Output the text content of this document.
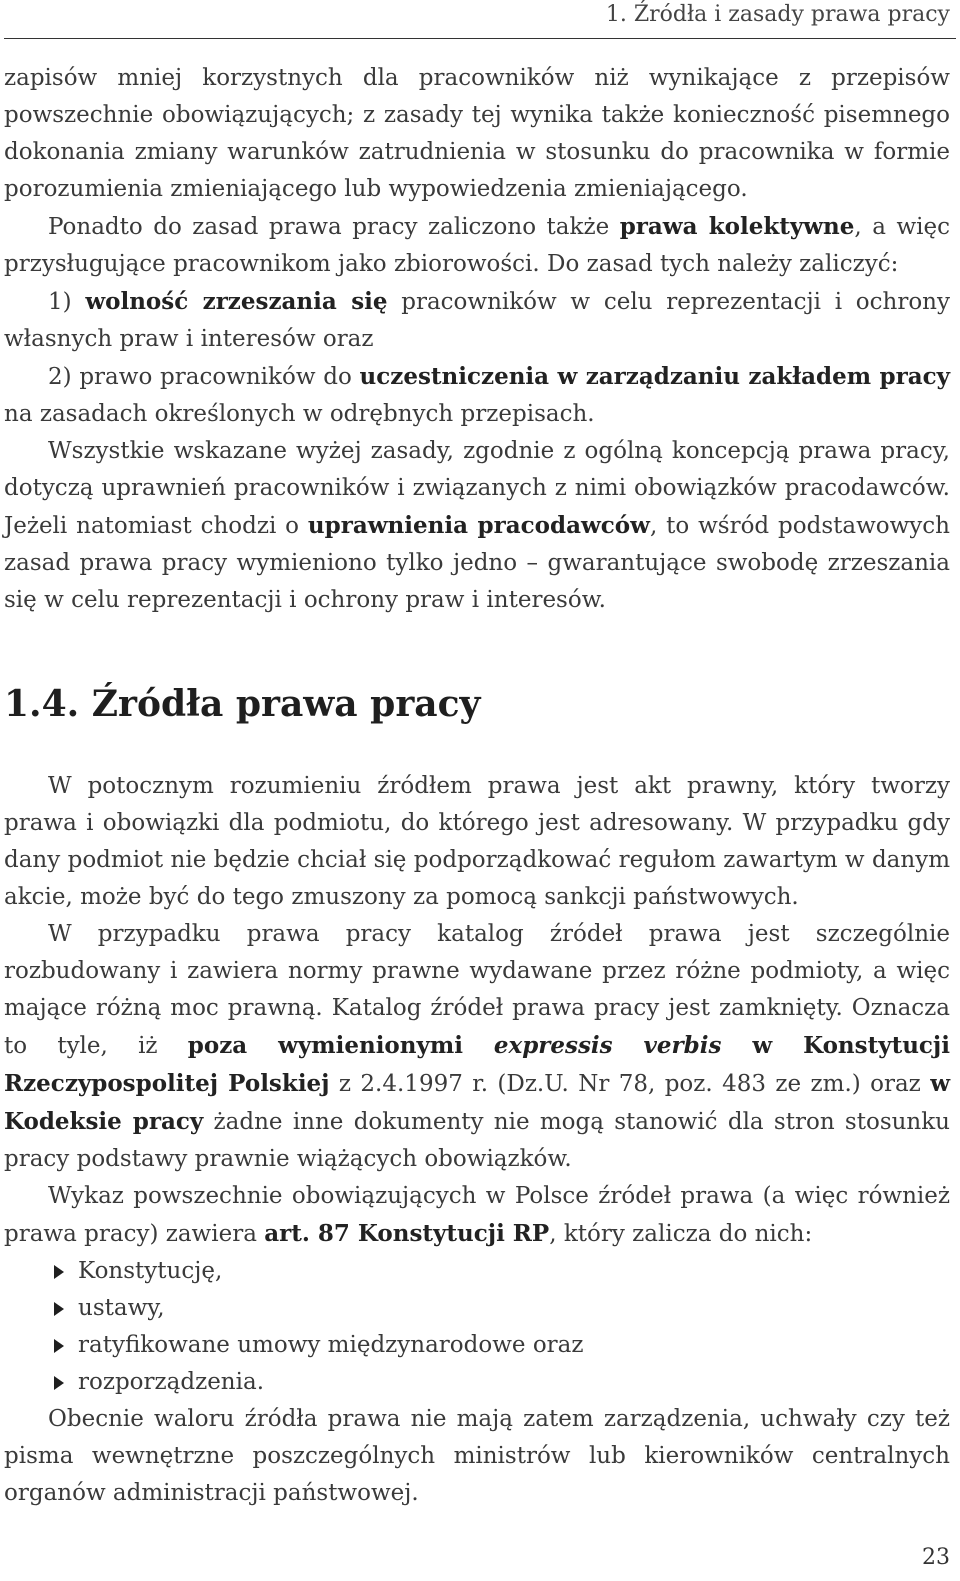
1. Źródła i zasady prawa pracy

zapisów mniej korzystnych dla pracowników niż wynikające z przepisów powszechnie obowiązujących; z zasady tej wynika także konieczność pisemnego dokonania zmiany warunków zatrudnienia w stosunku do pracownika w formie porozumienia zmieniającego lub wypowiedzenia zmieniającego.

Ponadto do zasad prawa pracy zaliczono także prawa kolektywne, a więc przysługujące pracownikom jako zbiorowości. Do zasad tych należy zaliczyć:

1) wolność zrzeszania się pracowników w celu reprezentacji i ochrony własnych praw i interesów oraz

2) prawo pracowników do uczestniczenia w zarządzaniu zakładem pracy na zasadach określonych w odrębnych przepisach.

Wszystkie wskazane wyżej zasady, zgodnie z ogólną koncepcją prawa pracy, dotyczą uprawnień pracowników i związanych z nimi obowiązków pracodawców. Jeżeli natomiast chodzi o uprawnienia pracodawców, to wśród podstawowych zasad prawa pracy wymieniono tylko jedno – gwarantujące swobodę zrzeszania się w celu reprezentacji i ochrony praw i interesów.

1.4. Źródła prawa pracy

W potocznym rozumieniu źródłem prawa jest akt prawny, który tworzy prawa i obowiązki dla podmiotu, do którego jest adresowany. W przypadku gdy dany podmiot nie będzie chciał się podporządkować regułom zawartym w danym akcie, może być do tego zmuszony za pomocą sankcji państwowych.

W przypadku prawa pracy katalog źródeł prawa jest szczególnie rozbudowany i zawiera normy prawne wydawane przez różne podmioty, a więc mające różną moc prawną. Katalog źródeł prawa pracy jest zamknięty. Oznacza to tyle, iż poza wymienionymi expressis verbis w Konstytucji Rzeczypospolitej Polskiej z 2.4.1997 r. (Dz.U. Nr 78, poz. 483 ze zm.) oraz w Kodeksie pracy żadne inne dokumenty nie mogą stanowić dla stron stosunku pracy podstawy prawnie wiążących obowiązków.

Wykaz powszechnie obowiązujących w Polsce źródeł prawa (a więc również prawa pracy) zawiera art. 87 Konstytucji RP, który zalicza do nich:

Konstytucję,
ustawy,
ratyfikowane umowy międzynarodowe oraz
rozporządzenia.

Obecnie waloru źródła prawa nie mają zatem zarządzenia, uchwały czy też pisma wewnętrzne poszczególnych ministrów lub kierowników centralnych organów administracji państwowej.

23
